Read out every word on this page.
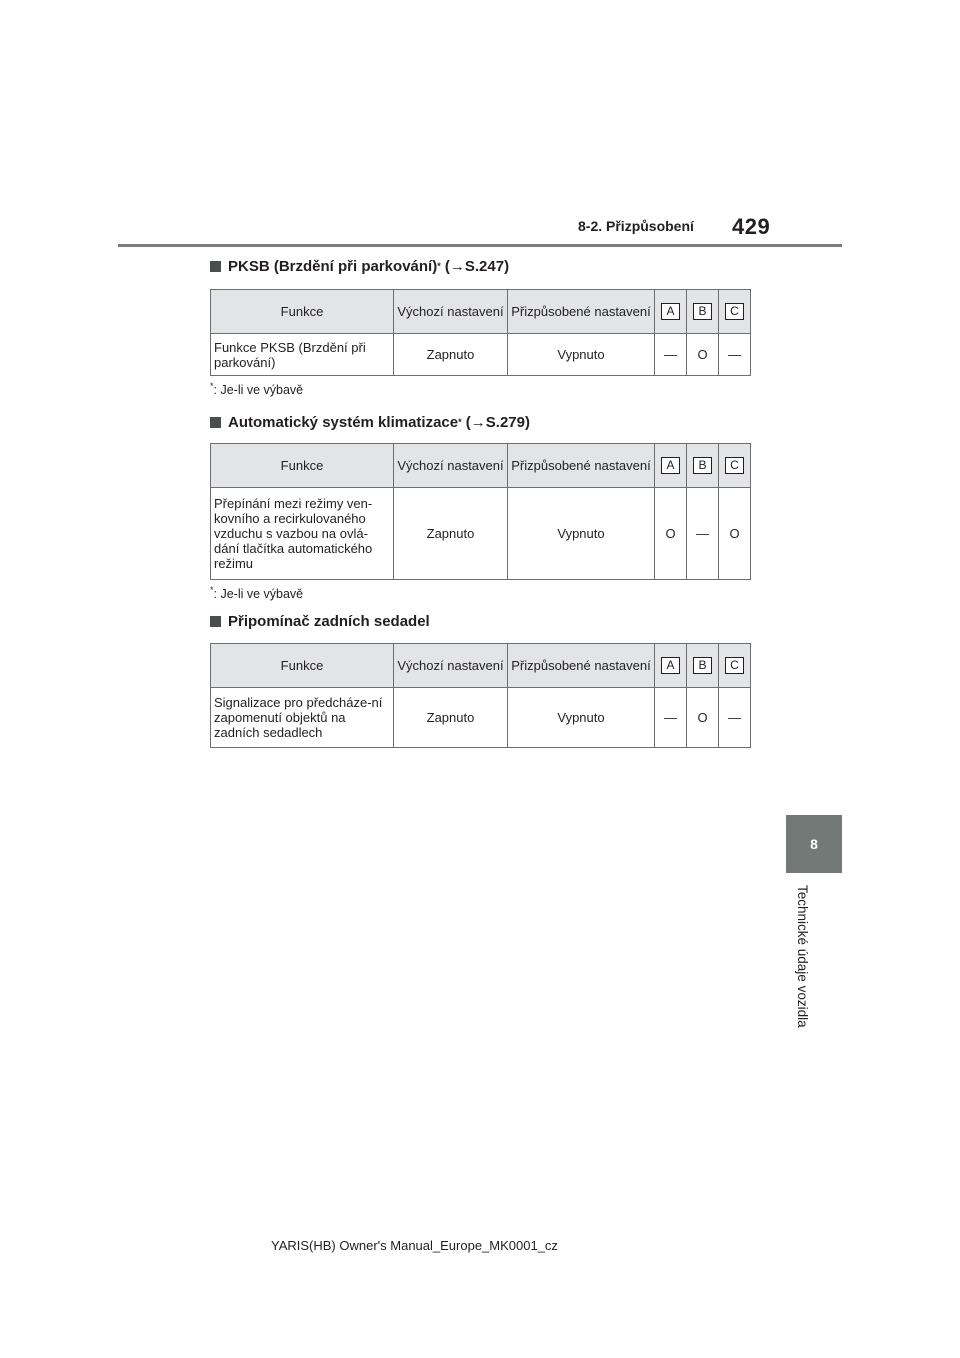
8-2. Přizpůsobení 429
8
Technické údaje vozidla
PKSB (Brzdění při parkování)*
(→S.247)
Funkce	Výchozí nastavení	Přizpůsobené nastavení	A	B	C
Funkce PKSB (Brzdění při parkování)	Zapnuto	Vypnuto	—	O	—
*: Je-li ve výbavě
Automatický systém klimatizace*
(→S.279)
Funkce	Výchozí nastavení	Přizpůsobené nastavení	A	B	C
Přepínání mezi režimy ven-kovního a recirkulovaného vzduchu s vazbou na ovlá-dání tlačítka automatického režimu	Zapnuto	Vypnuto	O	—	O
*: Je-li ve výbavě
Připomínač zadních sedadel
Funkce	Výchozí nastavení	Přizpůsobené nastavení	A	B	C
Signalizace pro předcháze-ní zapomenutí objektů na zadních sedadlech	Zapnuto	Vypnuto	—	O	—
YARIS(HB) Owner's Manual_Europe_MK0001_cz
